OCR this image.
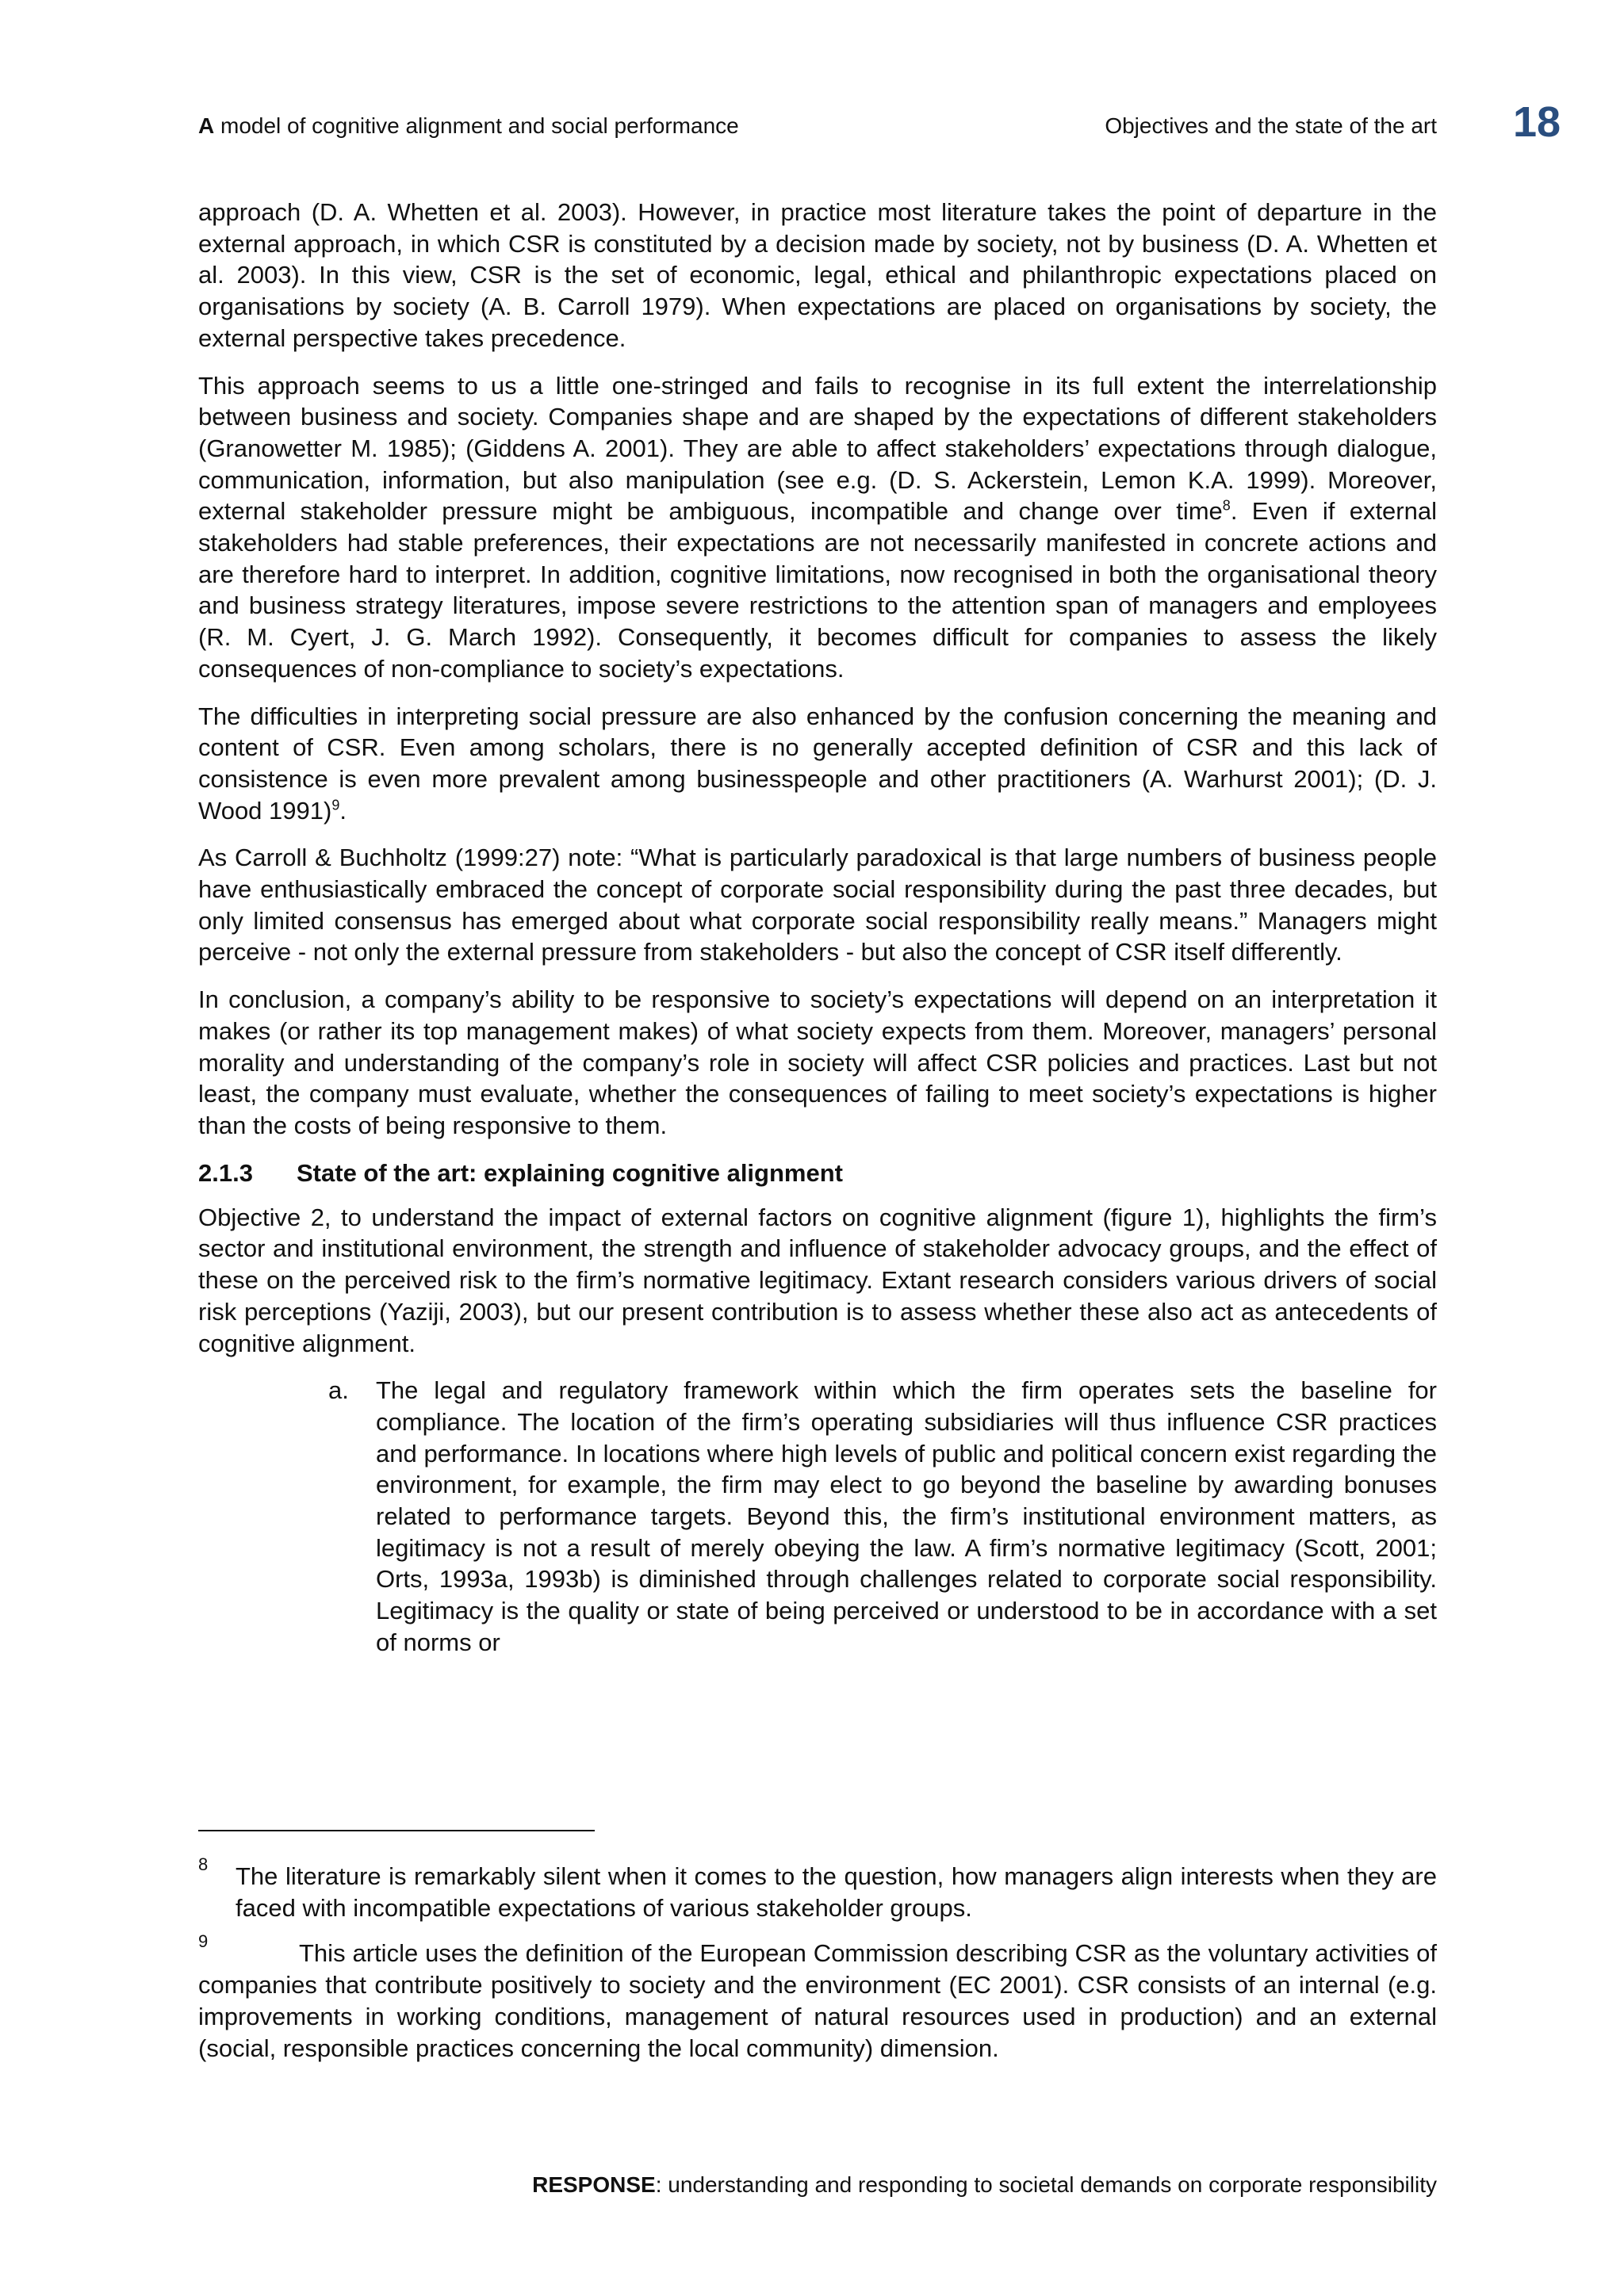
A model of cognitive alignment and social performance	Objectives and the state of the art 18

approach (D. A. Whetten et al. 2003). However, in practice most literature takes the point of departure in the external approach, in which CSR is constituted by a decision made by society, not by business (D. A. Whetten et al. 2003). In this view, CSR is the set of economic, legal, ethical and philanthropic expectations placed on organisations by society (A. B. Carroll 1979). When expectations are placed on organisations by society, the external perspective takes precedence.

This approach seems to us a little one-stringed and fails to recognise in its full extent the interrelationship between business and society. Companies shape and are shaped by the expectations of different stakeholders (Granowetter M. 1985); (Giddens A. 2001). They are able to affect stakeholders’ expectations through dialogue, communication, information, but also manipulation (see e.g. (D. S. Ackerstein, Lemon K.A. 1999). Moreover, external stakeholder pressure might be ambiguous, incompatible and change over time$^8$. Even if external stakeholders had stable preferences, their expectations are not necessarily manifested in concrete actions and are therefore hard to interpret. In addition, cognitive limitations, now recognised in both the organisational theory and business strategy literatures, impose severe restrictions to the attention span of managers and employees (R. M. Cyert, J. G. March 1992). Consequently, it becomes difficult for companies to assess the likely consequences of non-compliance to society’s expectations.

The difficulties in interpreting social pressure are also enhanced by the confusion concerning the meaning and content of CSR. Even among scholars, there is no generally accepted definition of CSR and this lack of consistence is even more prevalent among businesspeople and other practitioners (A. Warhurst 2001); (D. J. Wood 1991)$^9$.

As Carroll & Buchholtz (1999:27) note: “What is particularly paradoxical is that large numbers of business people have enthusiastically embraced the concept of corporate social responsibility during the past three decades, but only limited consensus has emerged about what corporate social responsibility really means.” Managers might perceive - not only the external pressure from stakeholders - but also the concept of CSR itself differently.

In conclusion, a company’s ability to be responsive to society’s expectations will depend on an interpretation it makes (or rather its top management makes) of what society expects from them. Moreover, managers’ personal morality and understanding of the company’s role in society will affect CSR policies and practices. Last but not least, the company must evaluate, whether the consequences of failing to meet society’s expectations is higher than the costs of being responsive to them.

2.1.3	State of the art: explaining cognitive alignment

Objective 2, to understand the impact of external factors on cognitive alignment (figure 1), highlights the firm’s sector and institutional environment, the strength and influence of stakeholder advocacy groups, and the effect of these on the perceived risk to the firm’s normative legitimacy. Extant research considers various drivers of social risk perceptions (Yaziji, 2003), but our present contribution is to assess whether these also act as antecedents of cognitive alignment.

a.	The legal and regulatory framework within which the firm operates sets the baseline for compliance. The location of the firm’s operating subsidiaries will thus influence CSR practices and performance. In locations where high levels of public and political concern exist regarding the environment, for example, the firm may elect to go beyond the baseline by awarding bonuses related to performance targets. Beyond this, the firm’s institutional environment matters, as legitimacy is not a result of merely obeying the law. A firm’s normative legitimacy (Scott, 2001; Orts, 1993a, 1993b) is diminished through challenges related to corporate social responsibility. Legitimacy is the quality or state of being perceived or understood to be in accordance with a set of norms or
8 The literature is remarkably silent when it comes to the question, how managers align interests when they are faced with incompatible expectations of various stakeholder groups.
9	This article uses the definition of the European Commission describing CSR as the voluntary activities of companies that contribute positively to society and the environment (EC 2001). CSR consists of an internal (e.g. improvements in working conditions, management of natural resources used in production) and an external (social, responsible practices concerning the local community) dimension.
RESPONSE: understanding and responding to societal demands on corporate responsibility
